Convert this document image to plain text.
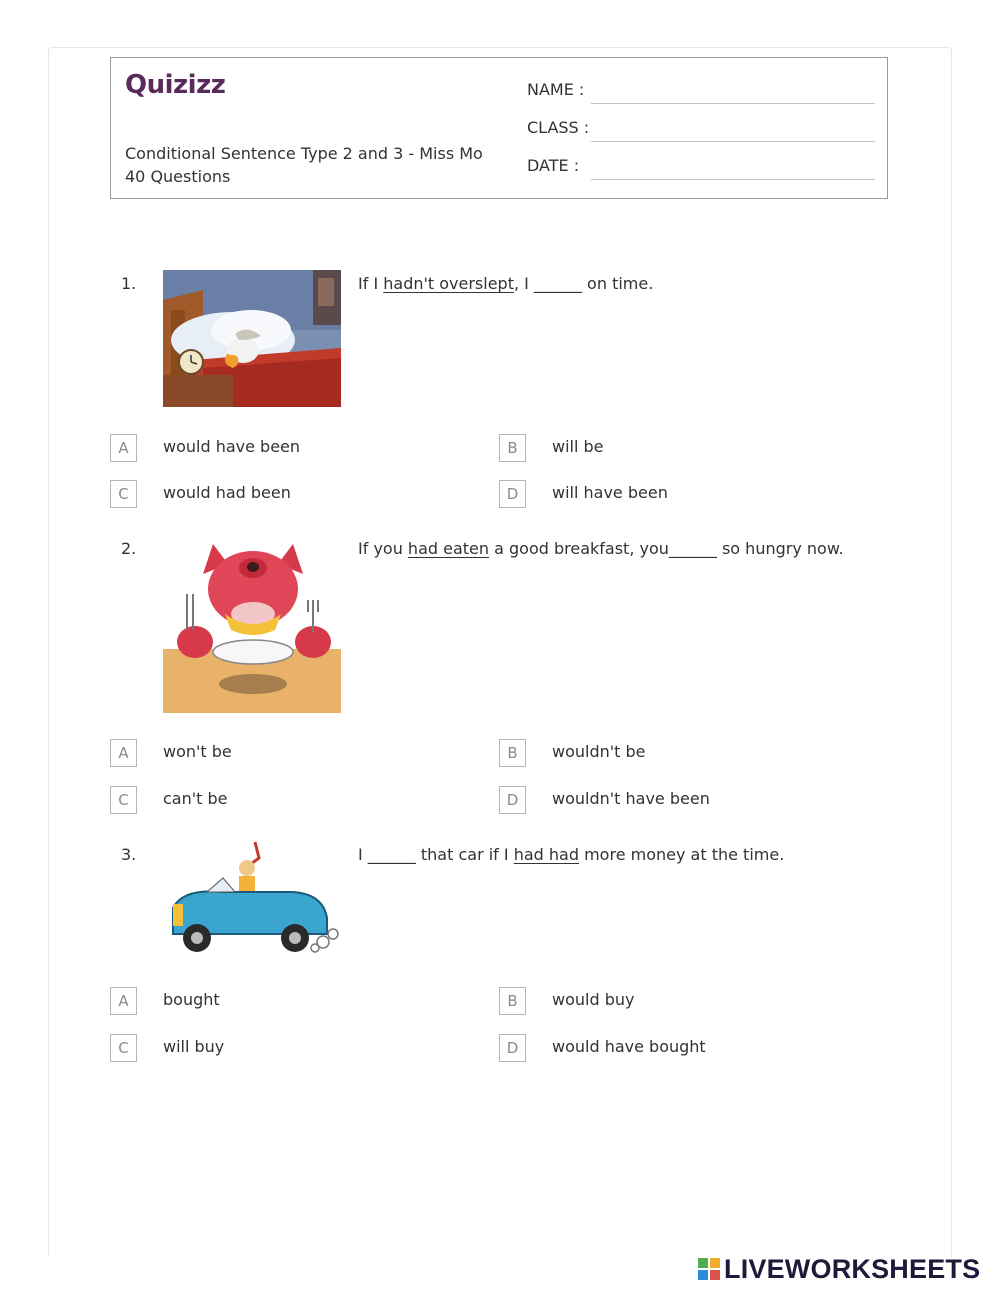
Quizizz
Conditional Sentence Type 2 and 3 - Miss Mo
40 Questions
NAME :
CLASS :
DATE :
1.	If I hadn't overslept, I ______ on time.
A	would have been	B	will be
C	would had been	D	will have been
2.	If you had eaten a good breakfast, you______ so hungry now.
A	won't be	B	wouldn't be
C	can't be	D	wouldn't have been
3.	I ______ that car if I had had more money at the time.
A	bought	B	would buy
C	will buy	D	would have bought
LIVEWORKSHEETS
